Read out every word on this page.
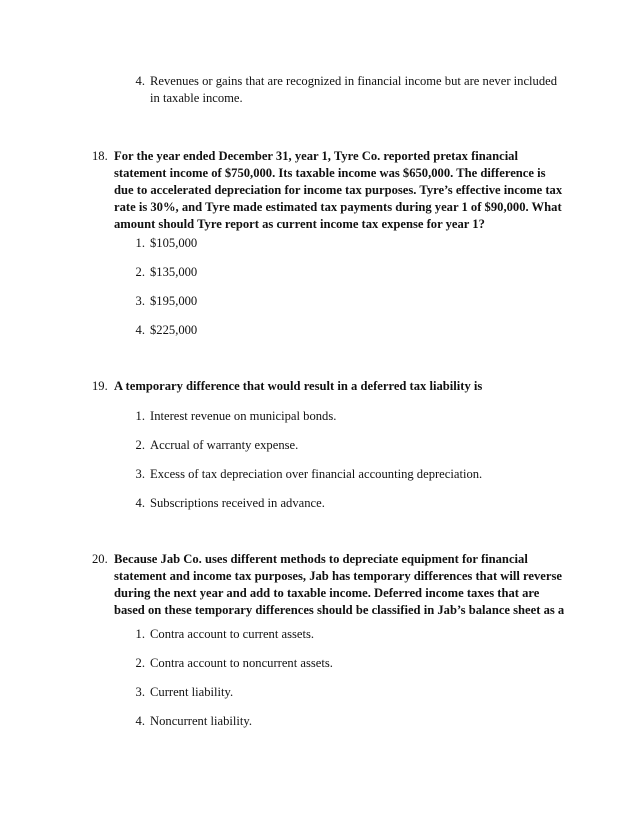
4. Revenues or gains that are recognized in financial income but are never included
in taxable income.
18. For the year ended December 31, year 1, Tyre Co. reported pretax financial
statement income of $750,000. Its taxable income was $650,000. The difference is
due to accelerated depreciation for income tax purposes. Tyre’s effective income tax
rate is 30%, and Tyre made estimated tax payments during year 1 of $90,000. What
amount should Tyre report as current income tax expense for year 1?
1. $105,000
2. $135,000
3. $195,000
4. $225,000
19. A temporary difference that would result in a deferred tax liability is
1. Interest revenue on municipal bonds.
2. Accrual of warranty expense.
3. Excess of tax depreciation over financial accounting depreciation.
4. Subscriptions received in advance.
20. Because Jab Co. uses different methods to depreciate equipment for financial
statement and income tax purposes, Jab has temporary differences that will reverse
during the next year and add to taxable income. Deferred income taxes that are
based on these temporary differences should be classified in Jab’s balance sheet as a
1. Contra account to current assets.
2. Contra account to noncurrent assets.
3. Current liability.
4. Noncurrent liability.
